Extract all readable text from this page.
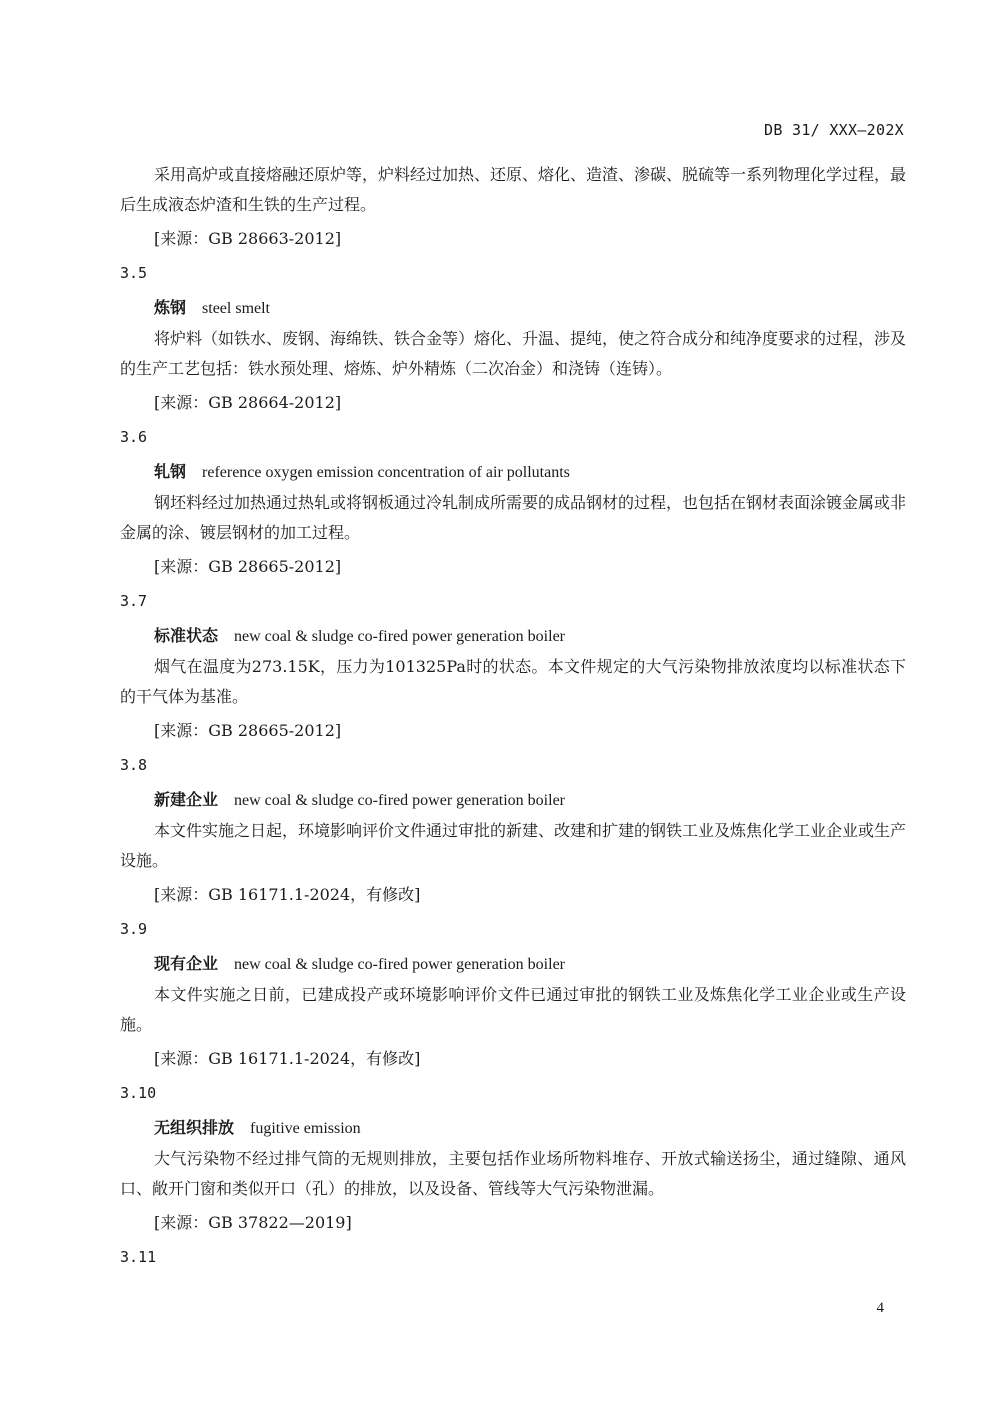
DB 31/ XXX—202X

采用高炉或直接熔融还原炉等，炉料经过加热、还原、熔化、造渣、渗碳、脱硫等一系列物理化学过程，最后生成液态炉渣和生铁的生产过程。

[来源：GB 28663-2012]

3.5
炼钢 steel smelt

将炉料（如铁水、废钢、海绵铁、铁合金等）熔化、升温、提纯，使之符合成分和纯净度要求的过程，涉及的生产工艺包括：铁水预处理、熔炼、炉外精炼（二次冶金）和浇铸（连铸）。

[来源：GB 28664-2012]

3.6
轧钢 reference oxygen emission concentration of air pollutants

钢坯料经过加热通过热轧或将钢板通过冷轧制成所需要的成品钢材的过程，也包括在钢材表面涂镀金属或非金属的涂、镀层钢材的加工过程。

[来源：GB 28665-2012]

3.7
标准状态 new coal & sludge co-fired power generation boiler

烟气在温度为273.15K，压力为101325Pa时的状态。本文件规定的大气污染物排放浓度均以标准状态下的干气体为基准。

[来源：GB 28665-2012]

3.8
新建企业 new coal & sludge co-fired power generation boiler

本文件实施之日起，环境影响评价文件通过审批的新建、改建和扩建的钢铁工业及炼焦化学工业企业或生产设施。

[来源：GB 16171.1-2024，有修改]

3.9
现有企业 new coal & sludge co-fired power generation boiler

本文件实施之日前，已建成投产或环境影响评价文件已通过审批的钢铁工业及炼焦化学工业企业或生产设施。

[来源：GB 16171.1-2024，有修改]

3.10
无组织排放 fugitive emission

大气污染物不经过排气筒的无规则排放，主要包括作业场所物料堆存、开放式输送扬尘，通过缝隙、通风口、敞开门窗和类似开口（孔）的排放，以及设备、管线等大气污染物泄漏。

[来源：GB 37822—2019]

3.11
4
